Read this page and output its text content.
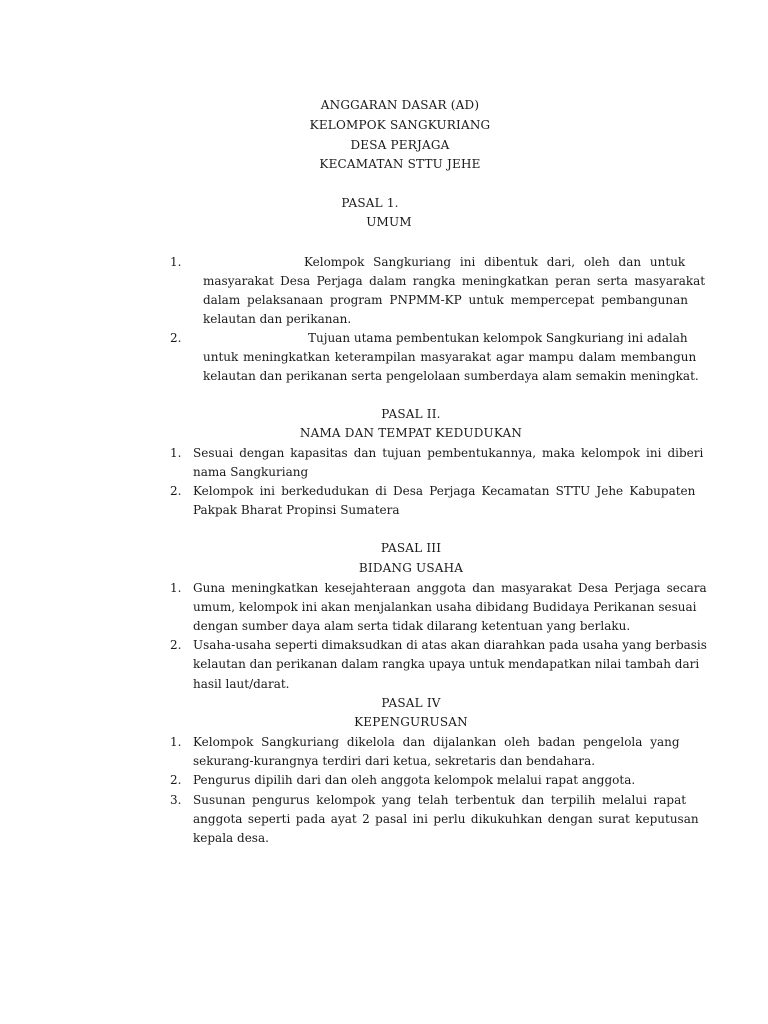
ANGGARAN DASAR (AD)
KELOMPOK SANGKURIANG
DESA PERJAGA
KECAMATAN STTU JEHE
PASAL 1.
UMUM
1.	Kelompok Sangkuriang ini dibentuk dari, oleh dan untuk
masyarakat Desa Perjaga dalam rangka meningkatkan peran serta masyarakat
dalam pelaksanaan program PNPMM-KP untuk mempercepat pembangunan
kelautan dan perikanan.
2.	Tujuan utama pembentukan kelompok Sangkuriang ini adalah
untuk meningkatkan keterampilan masyarakat agar mampu dalam membangun
kelautan dan perikanan serta pengelolaan sumberdaya alam semakin meningkat.
PASAL II.
NAMA DAN TEMPAT KEDUDUKAN
1. Sesuai dengan kapasitas dan tujuan pembentukannya, maka kelompok ini diberi
nama Sangkuriang
2. Kelompok ini berkedudukan di Desa Perjaga Kecamatan STTU Jehe Kabupaten
Pakpak Bharat Propinsi Sumatera
PASAL III
BIDANG USAHA
1. Guna meningkatkan kesejahteraan anggota dan masyarakat Desa Perjaga secara
umum, kelompok ini akan menjalankan usaha dibidang Budidaya Perikanan sesuai
dengan sumber daya alam serta tidak dilarang ketentuan yang berlaku.
2. Usaha-usaha seperti dimaksudkan di atas akan diarahkan pada usaha yang berbasis
kelautan dan perikanan dalam rangka upaya untuk mendapatkan nilai tambah dari
hasil laut/darat.
PASAL IV
KEPENGURUSAN
1. Kelompok Sangkuriang dikelola dan dijalankan oleh badan pengelola yang
sekurang-kurangnya terdiri dari ketua, sekretaris dan bendahara.
2. Pengurus dipilih dari dan oleh anggota kelompok melalui rapat anggota.
3. Susunan pengurus kelompok yang telah terbentuk dan terpilih melalui rapat
anggota seperti pada ayat 2 pasal ini perlu dikukuhkan dengan surat keputusan
kepala desa.
